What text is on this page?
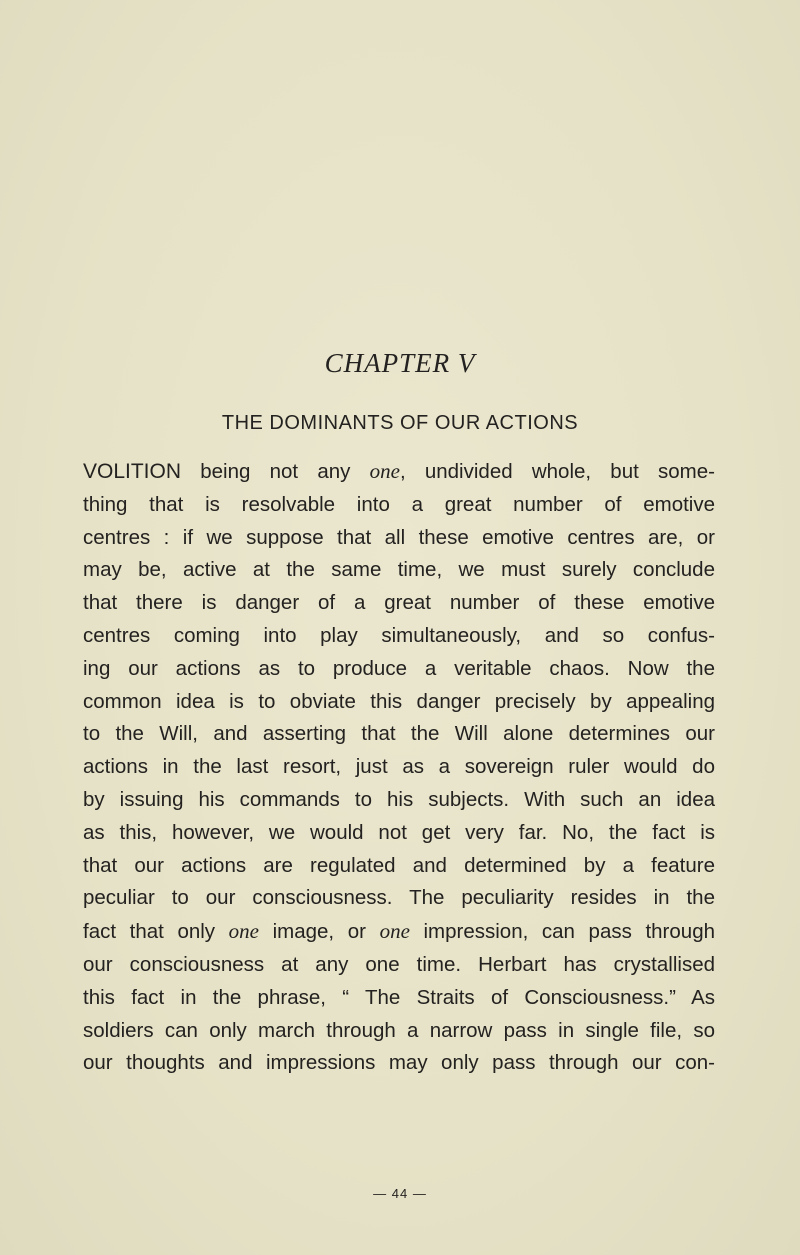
CHAPTER V
THE DOMINANTS OF OUR ACTIONS
VOLITION being not any one, undivided whole, but some-
thing that is resolvable into a great number of emotive
centres : if we suppose that all these emotive centres are, or
may be, active at the same time, we must surely conclude
that there is danger of a great number of these emotive
centres coming into play simultaneously, and so confus-
ing our actions as to produce a veritable chaos. Now the
common idea is to obviate this danger precisely by appealing
to the Will, and asserting that the Will alone determines our
actions in the last resort, just as a sovereign ruler would do
by issuing his commands to his subjects. With such an idea
as this, however, we would not get very far. No, the fact is
that our actions are regulated and determined by a feature
peculiar to our consciousness. The peculiarity resides in the
fact that only one image, or one impression, can pass through
our consciousness at any one time. Herbart has crystallised
this fact in the phrase, “ The Straits of Consciousness.” As
soldiers can only march through a narrow pass in single file, so
our thoughts and impressions may only pass through our con-
— 44 —
